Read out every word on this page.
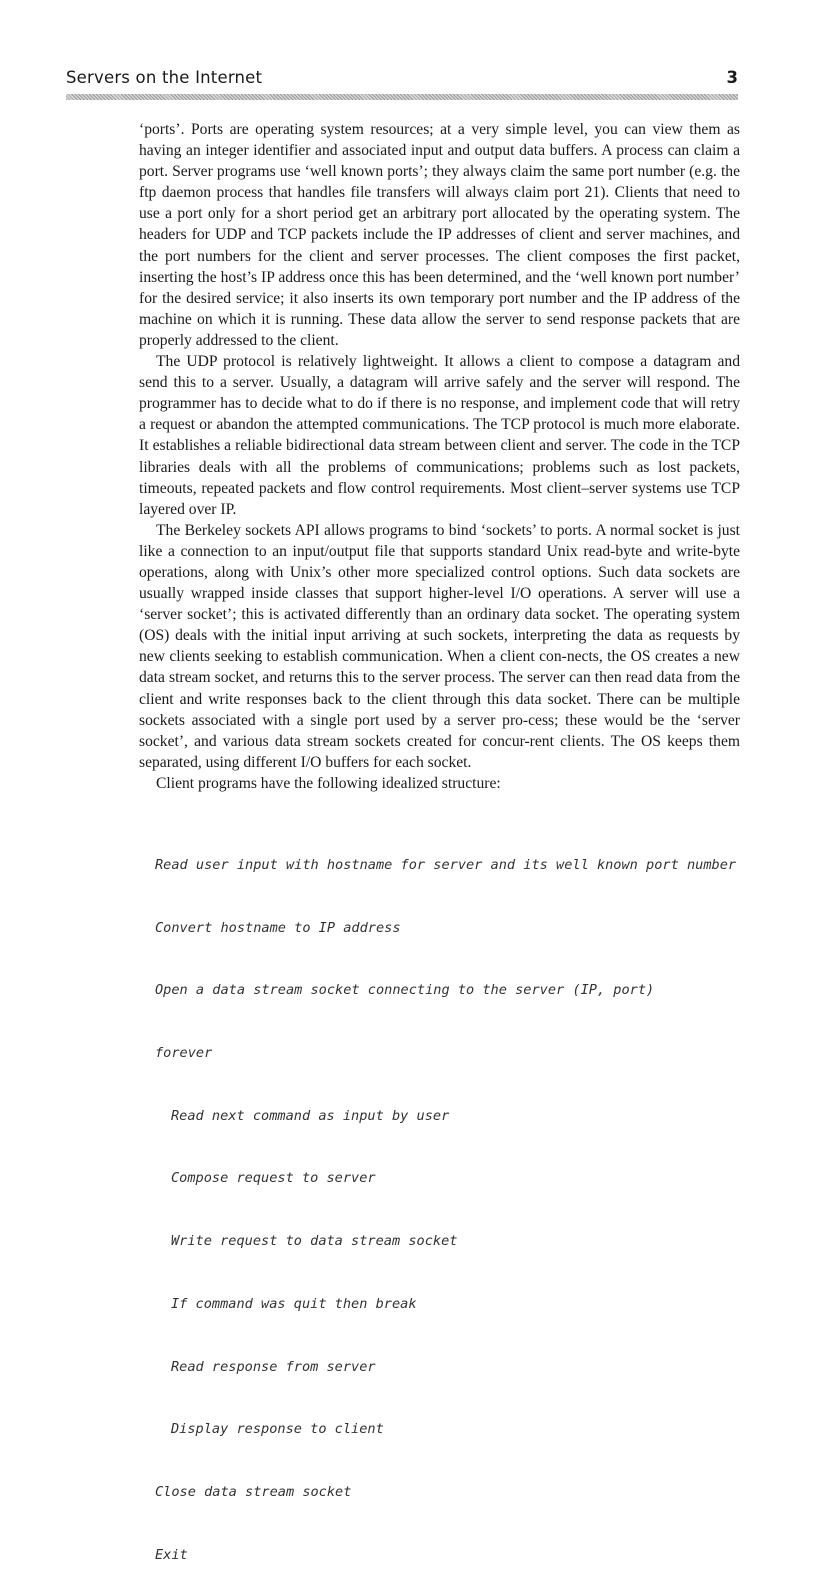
Servers on the Internet	3

‘ports’. Ports are operating system resources; at a very simple level, you can view them as having an integer identifier and associated input and output data buffers. A process can claim a port. Server programs use ‘well known ports’; they always claim the same port number (e.g. the ftp daemon process that handles file transfers will always claim port 21). Clients that need to use a port only for a short period get an arbitrary port allocated by the operating system. The headers for UDP and TCP packets include the IP addresses of client and server machines, and the port numbers for the client and server processes. The client composes the first packet, inserting the host’s IP address once this has been determined, and the ‘well known port number’ for the desired service; it also inserts its own temporary port number and the IP address of the machine on which it is running. These data allow the server to send response packets that are properly addressed to the client.

The UDP protocol is relatively lightweight. It allows a client to compose a datagram and send this to a server. Usually, a datagram will arrive safely and the server will respond. The programmer has to decide what to do if there is no response, and implement code that will retry a request or abandon the attempted communications. The TCP protocol is much more elaborate. It establishes a reliable bidirectional data stream between client and server. The code in the TCP libraries deals with all the problems of communications; problems such as lost packets, timeouts, repeated packets and flow control requirements. Most client–server systems use TCP layered over IP.

The Berkeley sockets API allows programs to bind ‘sockets’ to ports. A normal socket is just like a connection to an input/output file that supports standard Unix read-byte and write-byte operations, along with Unix’s other more specialized control options. Such data sockets are usually wrapped inside classes that support higher-level I/O operations. A server will use a ‘server socket’; this is activated differently than an ordinary data socket. The operating system (OS) deals with the initial input arriving at such sockets, interpreting the data as requests by new clients seeking to establish communication. When a client con-nects, the OS creates a new data stream socket, and returns this to the server process. The server can then read data from the client and write responses back to the client through this data socket. There can be multiple sockets associated with a single port used by a server pro-cess; these would be the ‘server socket’, and various data stream sockets created for concur-rent clients. The OS keeps them separated, using different I/O buffers for each socket.

Client programs have the following idealized structure:

Read user input with hostname for server and its well known port number

Convert hostname to IP address

Open a data stream socket connecting to the server (IP, port)

forever

Read next command as input by user

Compose request to server

Write request to data stream socket

If command was quit then break

Read response from server

Display response to client

Close data stream socket

Exit
